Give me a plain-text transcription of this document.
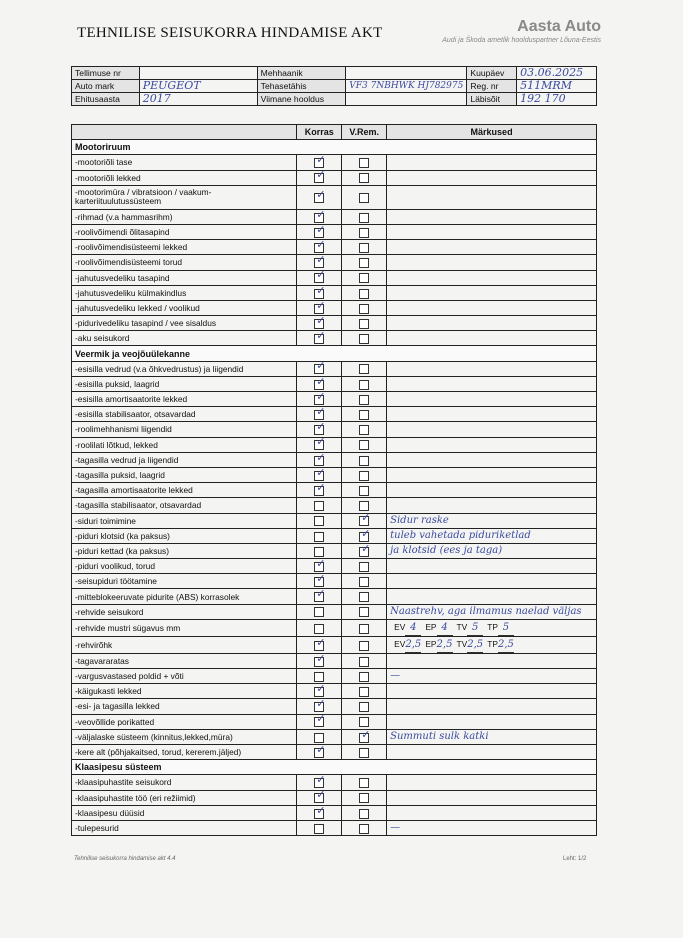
TEHNILISE SEISUKORRA HINDAMISE AKT	Aasta Auto
Audi ja Škoda ametlik hoolduspartner Lõuna-Eestis
Tellimuse nr		Mehhaanik		Kuupäev	03.06.2025
Auto mark	PEUGEOT	Tehasetähis	VF3 7NBHWK HJ782975	Reg. nr	511MRM
Ehitusaasta	2017	Viimane hooldus		Läbisõit	192 170
	Korras	V.Rem.	Märkused
Mootoriruum			
-mootoriõli tase	✓		

-mootoriõli lekked	✓		

-mootorimüra / vibratsioon / vaakum-karteriituulutussüsteem	✓		

-rihmad (v.a hammasrihm)	✓		

-roolivõimendi õlitasapind	✓		

-roolivõimendisüsteemi lekked	✓		

-roolivõimendisüsteemi torud	✓		

-jahutusvedeliku tasapind	✓		

-jahutusvedeliku külmakindlus	✓		

-jahutusvedeliku lekked / voolikud	✓		

-pidurivedeliku tasapind / vee sisaldus	✓		

-aku seisukord	✓		

Veermik ja veojõuülekanne			
-esisilla vedrud (v.a õhkvedrustus) ja liigendid	✓		

-esisilla puksid, laagrid	✓		

-esisilla amortisaatorite lekked	✓		

-esisilla stabilisaator, otsavardad	✓		

-roolimehhanismi liigendid	✓		

-roolilati lõtkud, lekked	✓		

-tagasilla vedrud ja liigendid	✓		

-tagasilla puksid, laagrid	✓		

-tagasilla amortisaatorite lekked	✓		

-tagasilla stabilisaator, otsavardad			
-siduri toimimine		✓	Sidur raske
-piduri klotsid (ka paksus)		✓	tuleb vahetada piduriketlad
-piduri kettad (ka paksus)		✓	ja klotsid (ees ja taga)
-piduri voolikud, torud	✓		

-seisupiduri töötamine	✓		

-mitteblokeeruvate pidurite (ABS) korrasolek	✓		

-rehvide seisukord			Naastrehv, aga ilmamus naelad väljas
-rehvide mustri sügavus mm			EV 4 EP 4 TV 5 TP 5
-rehvirõhk	✓		EV2,5 EP2,5 TV2,5 TP2,5
-tagavararatas	✓		

-vargusvastased poldid + võti			—
-käigukasti lekked	✓		

-esi- ja tagasilla lekked	✓		

-veovõllide porikatted	✓		

-väljalaske süsteem (kinnitus,lekked,müra)		✓	Summuti sulk katki
-kere alt (põhjakaitsed, torud, kererem.jäljed)	✓		

Klaasipesu süsteem			
-klaasipuhastite seisukord	✓		

-klaasipuhastite töö (eri režiimid)	✓		

-klaasipesu düüsid	✓		

-tulepesurid			—
Tehnilise seisukorra hindamise akt 4.4	Leht: 1/2
